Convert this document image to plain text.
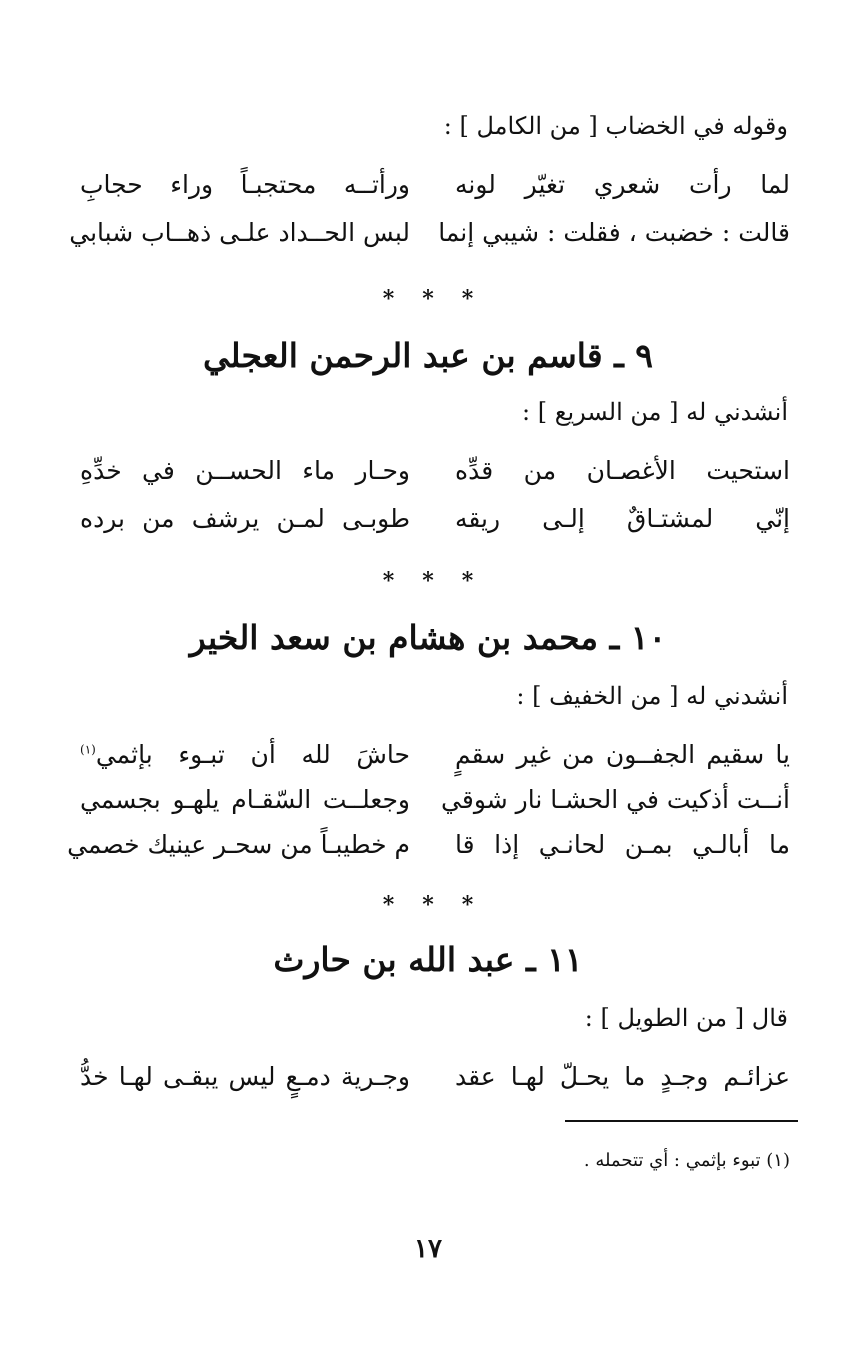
وقوله في الخضاب [ من الكامل ] :
لما رأت شعري تغيّر لونه
ورأتــه محتجبـاً وراء حجابِ
قالت : خضبت ، فقلت : شيبي إنما
لبس الحــداد علـى ذهــاب شبابي
* * *
٩ ـ قاسم بن عبد الرحمن العجلي
أنشدني له [ من السريع ] :
استحيت الأغصـان من قدِّه
وحـار ماء الحســن في خدِّهِ
إنّي لمشتـاقٌ إلـى ريقه
طوبـى لمـن يرشف من برده
* * *
١٠ ـ محمد بن هشام بن سعد الخير
أنشدني له [ من الخفيف ] :
يا سقيم الجفــون من غير سقمٍ
حاشَ لله أن تبـوء بإثمي$^{(١)}$
أنــت أذكيت في الحشـا نار شوقي
وجعلــت السّقـام يلهـو بجسمي
ما أبالـي بمـن لحانـي إذا قا
م خطيبـاً من سحـر عينيك خصمي
* * *
١١ ـ عبد الله بن حارث
قال [ من الطويل ] :
عزائـم وجـدٍ ما يحـلّ لهـا عقد
وجـرية دمـعٍ ليس يبقـى لهـا خدُّ
(١) تبوء بإثمي : أي تتحمله .
١٧
